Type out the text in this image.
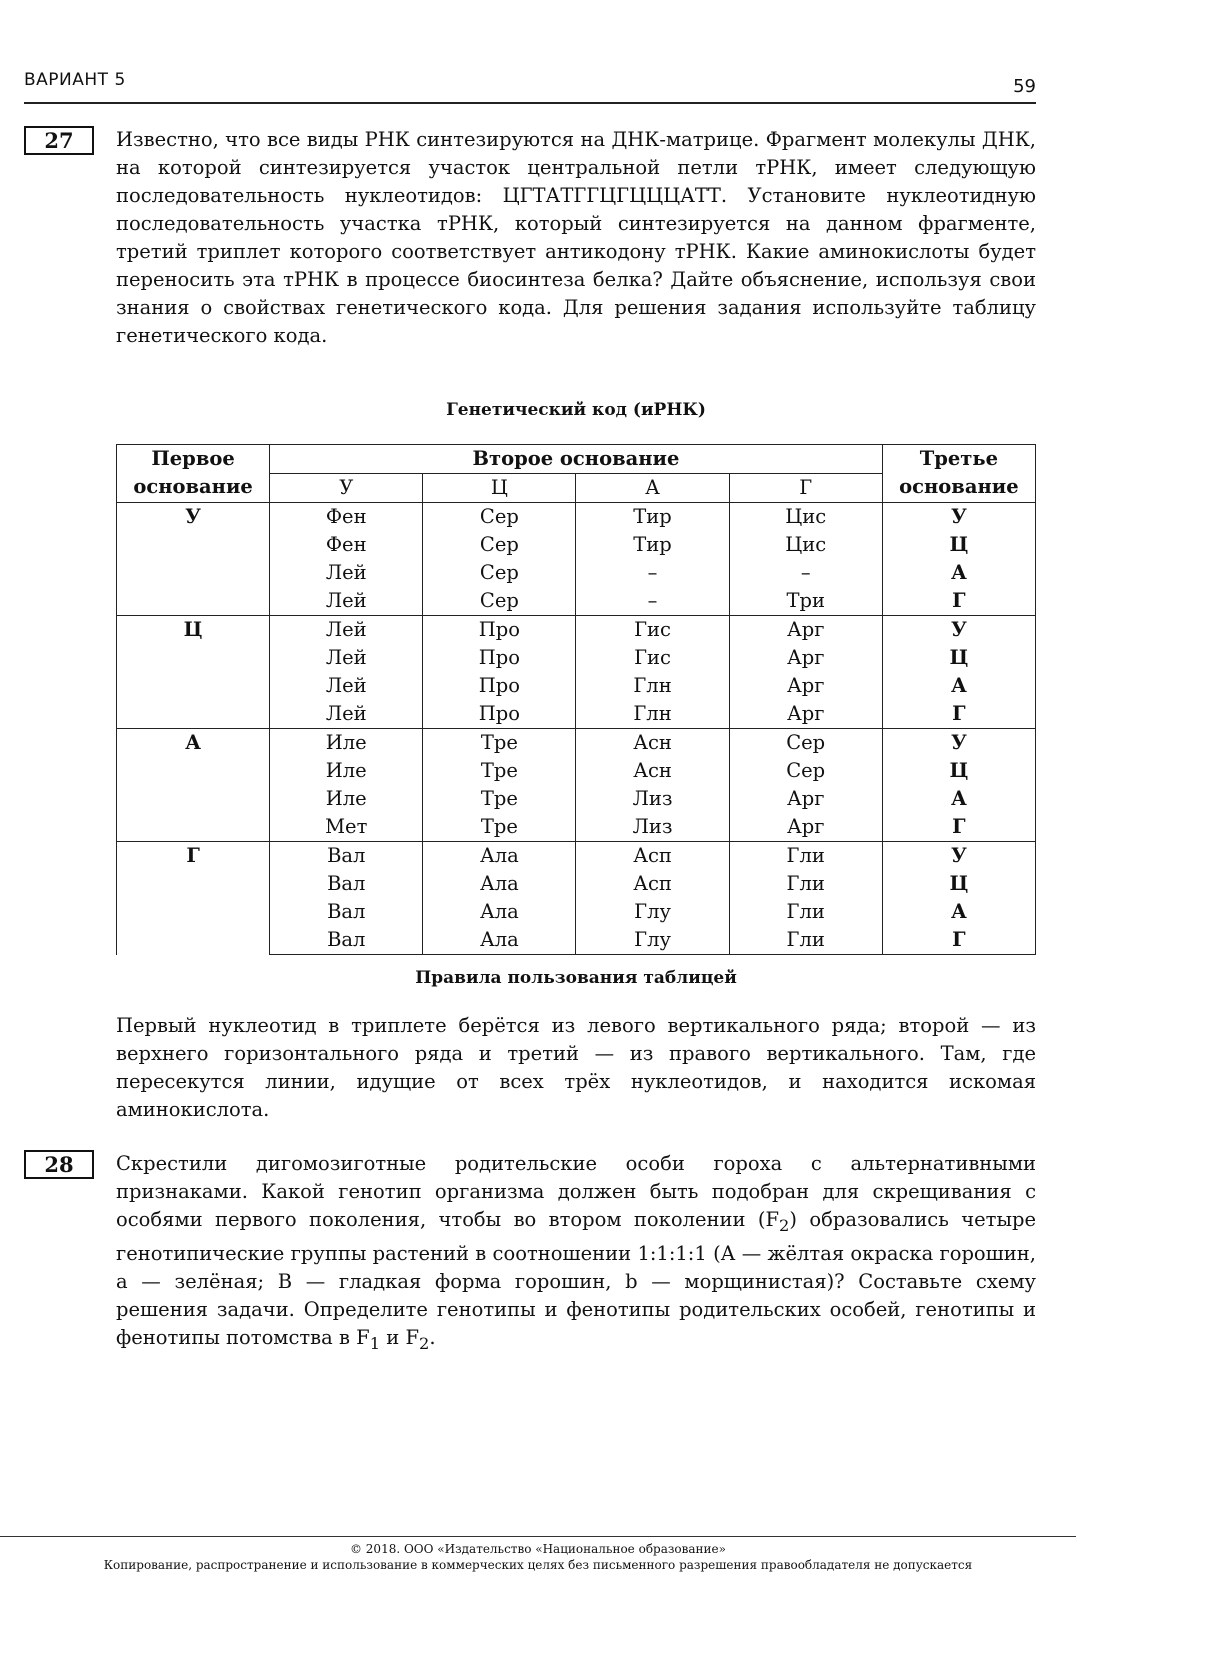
ВАРИАНТ 5	59
27	Известно, что все виды РНК синтезируются на ДНК-матрице. Фрагмент молекулы ДНК, на которой синтезируется участок центральной петли тРНК, имеет следующую последовательность нуклеотидов: ЦГТАТГГЦГЦЦЦАТТ. Установите нуклеотидную последовательность участка тРНК, который синтезируется на данном фрагменте, третий триплет которого соответствует антикодону тРНК. Какие аминокислоты будет переносить эта тРНК в процессе биосинтеза белка? Дайте объяснение, используя свои знания о свойствах генетического кода. Для решения задания используйте таблицу генетического кода.

Генетический код (иРНК)
Первое основание	Второе основание				Третье основание
	У	Ц	А	Г	
У	Фен	Сер	Тир	Цис	У
	Фен	Сер	Тир	Цис	Ц
	Лей	Сер	–	–	А
	Лей	Сер	–	Три	Г
Ц	Лей	Про	Гис	Арг	У
	Лей	Про	Гис	Арг	Ц
	Лей	Про	Глн	Арг	А
	Лей	Про	Глн	Арг	Г
А	Иле	Тре	Асн	Сер	У
	Иле	Тре	Асн	Сер	Ц
	Иле	Тре	Лиз	Арг	А
	Мет	Тре	Лиз	Арг	Г
Г	Вал	Ала	Асп	Гли	У
	Вал	Ала	Асп	Гли	Ц
	Вал	Ала	Глу	Гли	А
	Вал	Ала	Глу	Гли	Г
Правила пользования таблицей
Первый нуклеотид в триплете берётся из левого вертикального ряда; второй — из верхнего горизонтального ряда и третий — из правого вертикального. Там, где пересекутся линии, идущие от всех трёх нуклеотидов, и находится искомая аминокислота.
28	Скрестили дигомозиготные родительские особи гороха с альтернативными признаками. Какой генотип организма должен быть подобран для скрещивания с особями первого поколения, чтобы во втором поколении $(F_2)$ образовались четыре генотипические группы растений в соотношении 1:1:1:1 (А — жёлтая окраска горошин, а — зелёная; В — гладкая форма горошин, b — морщинистая)? Составьте схему решения задачи. Определите генотипы и фенотипы родительских особей, генотипы и фенотипы потомства в $F_1$ и $F_2$.

© 2018. ООО «Издательство «Национальное образование»
Копирование, распространение и использование в коммерческих целях без письменного разрешения правообладателя не допускается
